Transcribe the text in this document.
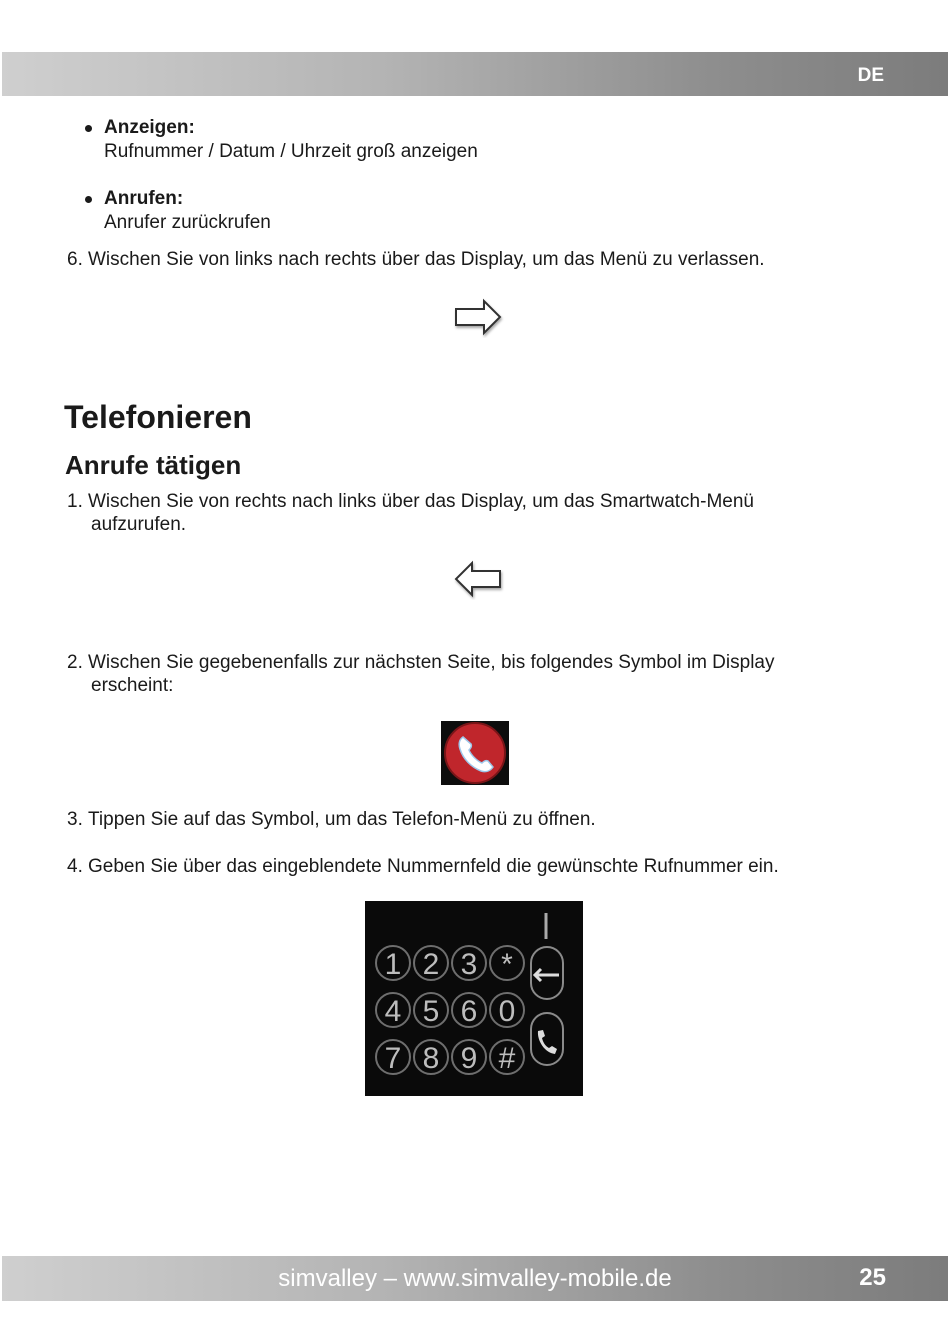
DE
Anzeigen:
Rufnummer / Datum / Uhrzeit groß anzeigen
Anrufen:
Anrufer zurückrufen
6. Wischen Sie von links nach rechts über das Display, um das Menü zu verlassen.
Telefonieren
Anrufe tätigen
1. Wischen Sie von rechts nach links über das Display, um das Smartwatch-Menü
aufzurufen.
2. Wischen Sie gegebenenfalls zur nächsten Seite, bis folgendes Symbol im Display
erscheint:
3. Tippen Sie auf das Symbol, um das Telefon-Menü zu öffnen.
4. Geben Sie über das eingeblendete Nummernfeld die gewünschte Rufnummer ein.
1 2 3 *
4 5 6 0
7 8 9 #
simvalley – www.simvalley-mobile.de	25
